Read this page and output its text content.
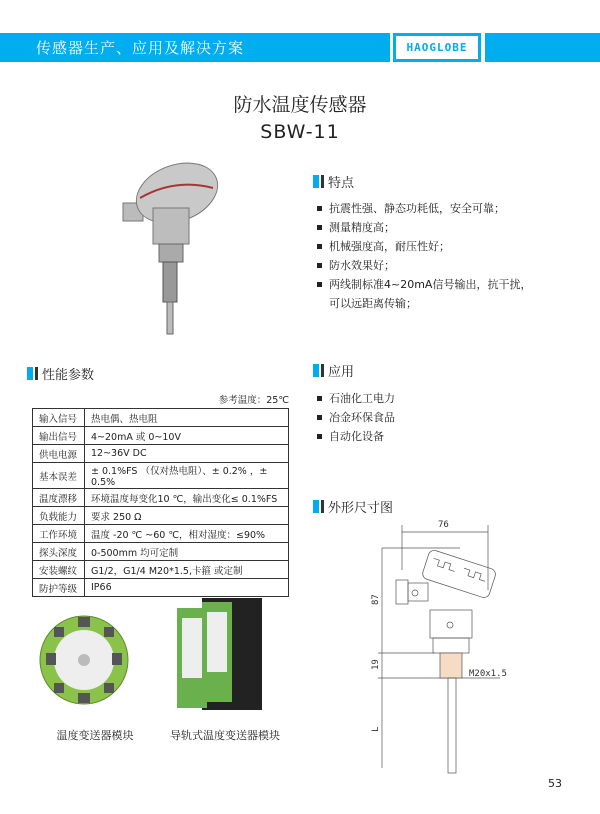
传感器生产、应用及解决方案	HAOGLOBE
防水温度传感器
SBW-11
特点
抗震性强、静态功耗低，安全可靠；
测量精度高；
机械强度高，耐压性好；
防水效果好；
两线制标准4~20mA信号输出，抗干扰，
可以远距离传输；
性能参数
参考温度：25℃
输入信号	热电偶、热电阻
输出信号	4~20mA 或 0~10V
供电电源	12~36V DC
基本误差	± 0.1%FS （仅对热电阻）、± 0.2% ，± 0.5%
温度漂移	环境温度每变化10 ℃，输出变化≤ 0.1%FS
负载能力	要求 250 Ω
工作环境	温度 -20 ℃ ~60 ℃，相对湿度：≤90%
探头深度	0-500mm 均可定制
安装螺纹	G1/2，G1/4 M20*1.5,卡箍 或定制
防护等级	IP66
应用
石油化工电力
冶金环保食品
自动化设备
外形尺寸图
76
87
19
L
M20x1.5
温度变送器模块	导轨式温度变送器模块
53
